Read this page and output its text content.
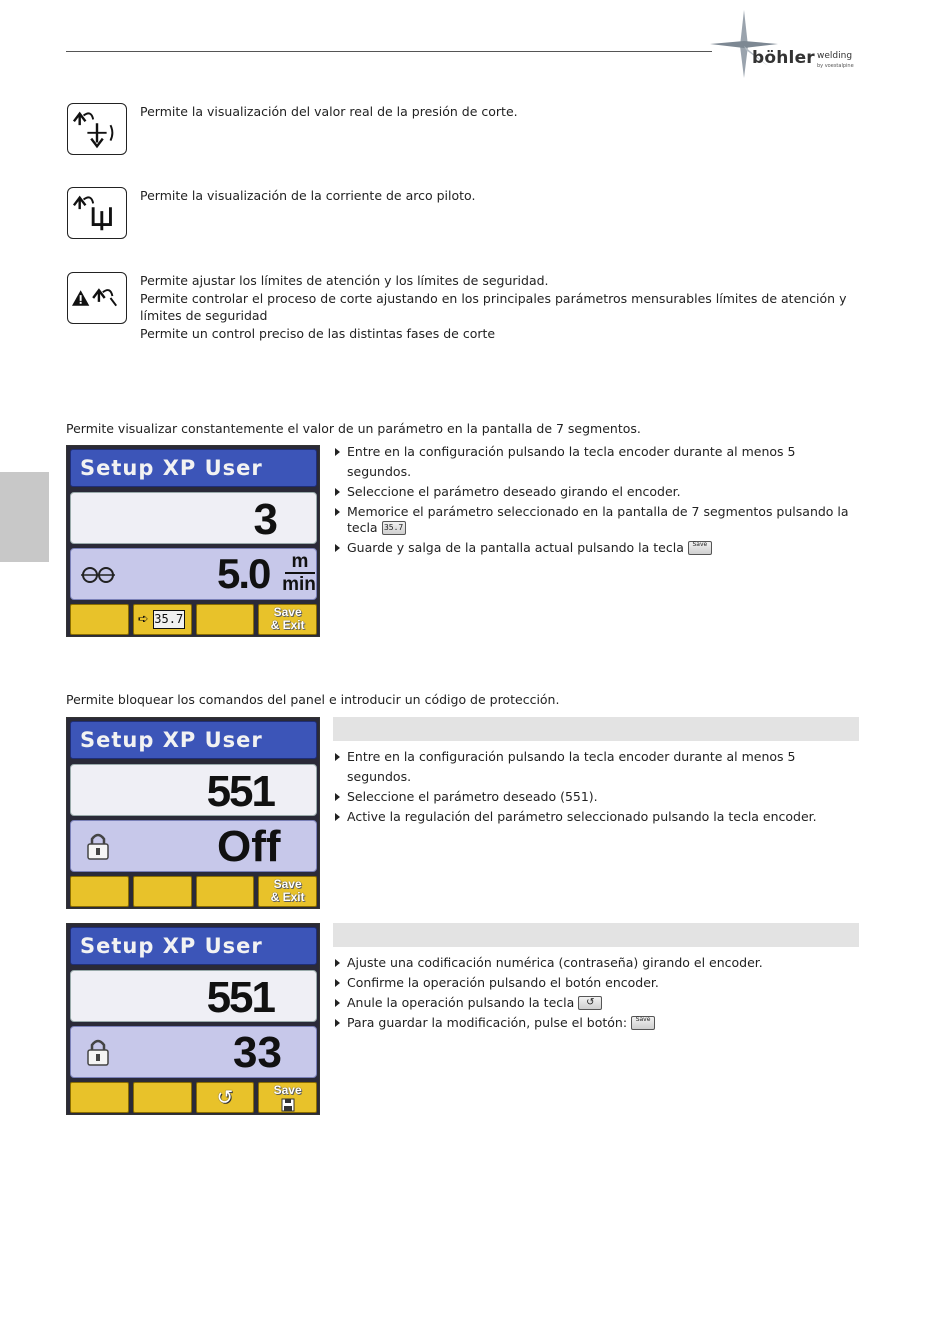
böhler welding
by voestalpine
Permite la visualización del valor real de la presión de corte.
Permite la visualización de la corriente de arco piloto.
Permite ajustar los límites de atención y los límites de seguridad.
Permite controlar el proceso de corte ajustando en los principales parámetros mensurables límites de atención y límites de seguridad
Permite un control preciso de las distintas fases de corte
Permite visualizar constantemente el valor de un parámetro en la pantalla de 7 segmentos.
Setup XP User
3
5.0	m
min
➪ 35.7	Save
& Exit
Entre en la configuración pulsando la tecla encoder durante al menos 5 segundos.
Seleccione el parámetro deseado girando el encoder.
Memorice el parámetro seleccionado en la pantalla de 7 segmentos pulsando la tecla 35.7
Guarde y salga de la pantalla actual pulsando la tecla Save
Permite bloquear los comandos del panel e introducir un código de protección.
Setup XP User
551
Off
Save
& Exit
Entre en la configuración pulsando la tecla encoder durante al menos 5 segundos.
Seleccione el parámetro deseado (551).
Active la regulación del parámetro seleccionado pulsando la tecla encoder.
Setup XP User
551
33
↺	Save
Ajuste una codificación numérica (contraseña) girando el encoder.
Confirme la operación pulsando el botón encoder.
Anule la operación pulsando la tecla ↺
Para guardar la modificación, pulse el botón: Save
